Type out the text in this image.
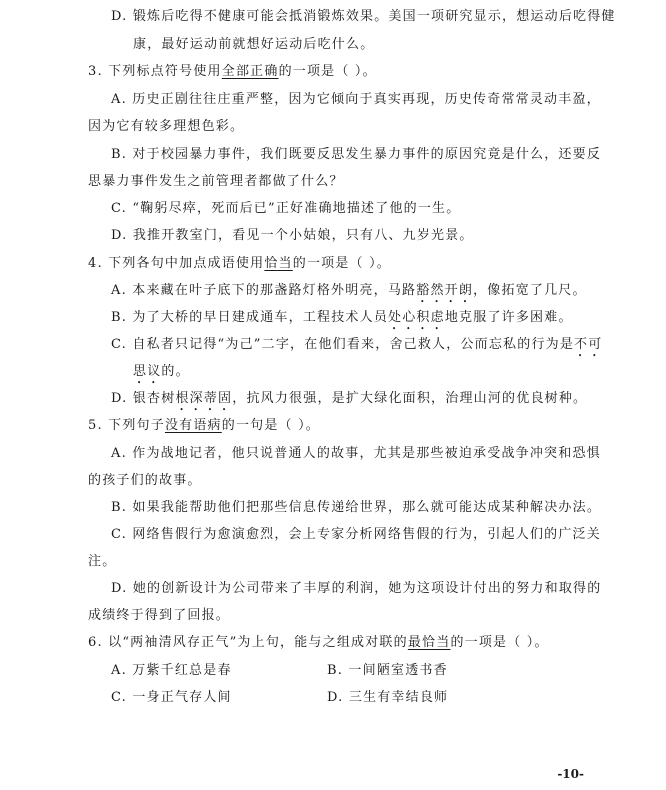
D. 锻炼后吃得不健康可能会抵消锻炼效果。美国一项研究显示，想运动后吃得健

康，最好运动前就想好运动后吃什么。

3. 下列标点符号使用全部正确的一项是（ ）。

A. 历史正剧往往庄重严整，因为它倾向于真实再现，历史传奇常常灵动丰盈，

因为它有较多理想色彩。

B. 对于校园暴力事件，我们既要反思发生暴力事件的原因究竟是什么，还要反

思暴力事件发生之前管理者都做了什么？

C. “鞠躬尽瘁，死而后已”正好准确地描述了他的一生。

D. 我推开教室门，看见一个小姑娘，只有八、九岁光景。

4. 下列各句中加点成语使用恰当的一项是（ ）。

A. 本来藏在叶子底下的那盏路灯格外明亮，马路豁然开朗，像拓宽了几尺。

B. 为了大桥的早日建成通车，工程技术人员处心积虑地克服了许多困难。

C. 自私者只记得“为己”二字，在他们看来，舍己救人，公而忘私的行为是不可

思议的。

D. 银杏树根深蒂固，抗风力很强，是扩大绿化面积，治理山河的优良树种。

5. 下列句子没有语病的一句是（ ）。

A. 作为战地记者，他只说普通人的故事，尤其是那些被迫承受战争冲突和恐惧

的孩子们的故事。

B. 如果我能帮助他们把那些信息传递给世界，那么就可能达成某种解决办法。

C. 网络售假行为愈演愈烈，会上专家分析网络售假的行为，引起人们的广泛关

注。

D. 她的创新设计为公司带来了丰厚的利润，她为这项设计付出的努力和取得的

成绩终于得到了回报。

6. 以“两袖清风存正气”为上句，能与之组成对联的最恰当的一项是（ ）。

A. 万紫千红总是春	B. 一间陋室透书香

C. 一身正气存人间	D. 三生有幸结良师

-10-
